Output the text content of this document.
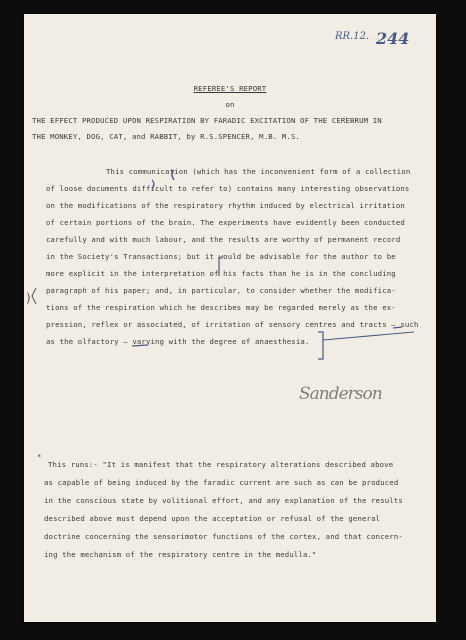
RR.12. 244
REFEREE'S REPORT
on
THE EFFECT PRODUCED UPON RESPIRATION BY FARADIC EXCITATION OF THE CEREBRUM IN
THE MONKEY, DOG, CAT, and RABBIT, by R.S.SPENCER, M.B. M.S.
This communication (which has the inconvenient form of a collection
of loose documents difficult to refer to) contains many interesting observations
on the modifications of the respiratory rhythm induced by electrical irritation
of certain portions of the brain. The experiments have evidently been conducted
carefully and with much labour, and the results are worthy of permanent record
in the Society's Transactions; but it would be advisable for the author to be
more explicit in the interpretation of his facts than he is in the concluding
paragraph of his paper; and, in particular, to consider whether the modifica-
tions of the respiration which he describes may be regarded merely as the ex-
pression, reflex or associated, of irritation of sensory centres and tracts — such
as the olfactory — varying with the degree of anaesthesia.
)
Sanderson
*
This runs:- "It is manifest that the respiratory alterations described above
as capable of being induced by the faradic current are such as can be produced
in the conscious state by volitional effort, and any explanation of the results
described above must depend upon the acceptation or refusal of the general
doctrine concerning the sensorimotor functions of the cortex, and that concern-
ing the mechanism of the respiratory centre in the medulla."
